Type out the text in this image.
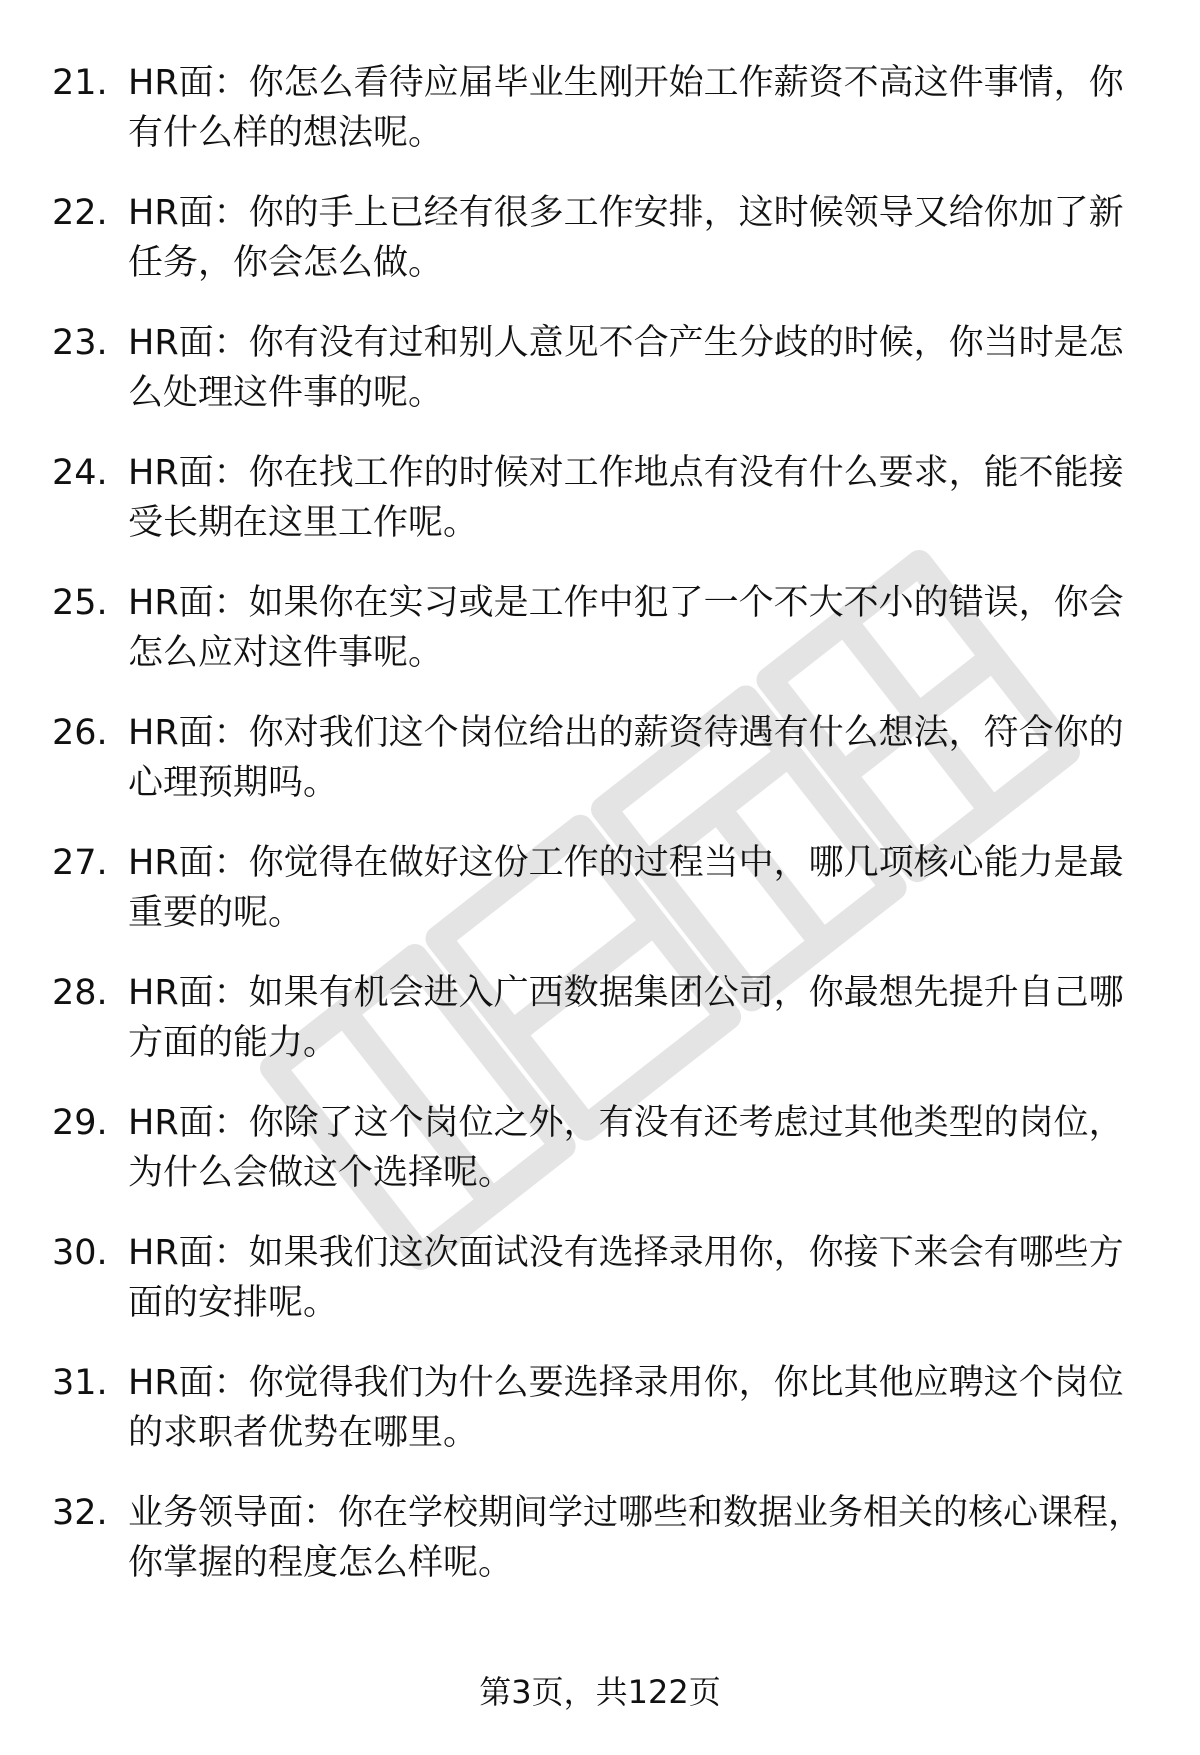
21. HR面：你怎么看待应届毕业生刚开始工作薪资不高这件事情，你有什么样的想法呢。
22. HR面：你的手上已经有很多工作安排，这时候领导又给你加了新任务，你会怎么做。
23. HR面：你有没有过和别人意见不合产生分歧的时候，你当时是怎么处理这件事的呢。
24. HR面：你在找工作的时候对工作地点有没有什么要求，能不能接受长期在这里工作呢。
25. HR面：如果你在实习或是工作中犯了一个不大不小的错误，你会怎么应对这件事呢。
26. HR面：你对我们这个岗位给出的薪资待遇有什么想法，符合你的心理预期吗。
27. HR面：你觉得在做好这份工作的过程当中，哪几项核心能力是最重要的呢。
28. HR面：如果有机会进入广西数据集团公司，你最想先提升自己哪方面的能力。
29. HR面：你除了这个岗位之外，有没有还考虑过其他类型的岗位，为什么会做这个选择呢。
30. HR面：如果我们这次面试没有选择录用你，你接下来会有哪些方面的安排呢。
31. HR面：你觉得我们为什么要选择录用你，你比其他应聘这个岗位的求职者优势在哪里。
32. 业务领导面：你在学校期间学过哪些和数据业务相关的核心课程，你掌握的程度怎么样呢。
第3页，共122页
